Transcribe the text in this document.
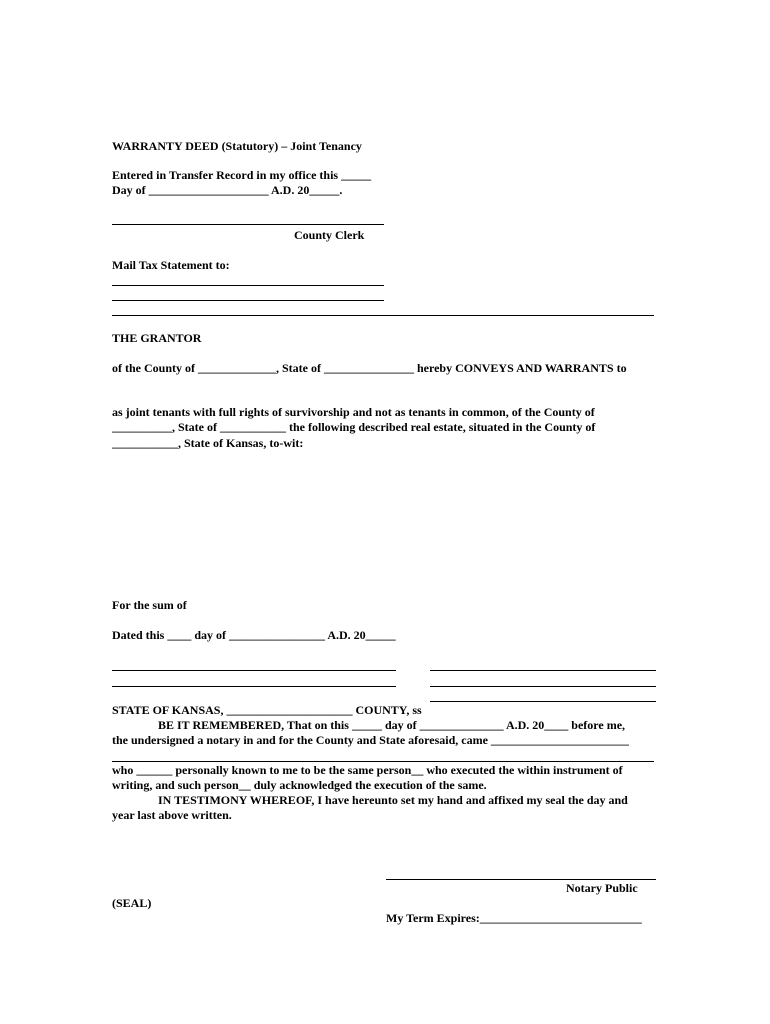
WARRANTY DEED (Statutory) – Joint Tenancy
Entered in Transfer Record in my office this _____
Day of ____________________ A.D. 20_____.
County Clerk
Mail Tax Statement to:
THE GRANTOR
of the County of _____________, State of _______________ hereby CONVEYS AND WARRANTS to
as joint tenants with full rights of survivorship and not as tenants in common, of the County of
__________, State of ___________ the following described real estate, situated in the County of
___________, State of Kansas, to-wit:
For the sum of
Dated this ____ day of ________________ A.D. 20_____
STATE OF KANSAS, _____________________ COUNTY, ss
BE IT REMEMBERED, That on this _____ day of ______________ A.D. 20____ before me,
the undersigned a notary in and for the County and State aforesaid, came _______________________
who ______ personally known to me to be the same person__ who executed the within instrument of
writing, and such person__ duly acknowledged the execution of the same.
IN TESTIMONY WHEREOF, I have hereunto set my hand and affixed my seal the day and
year last above written.
Notary Public
(SEAL)
My Term Expires:___________________________
